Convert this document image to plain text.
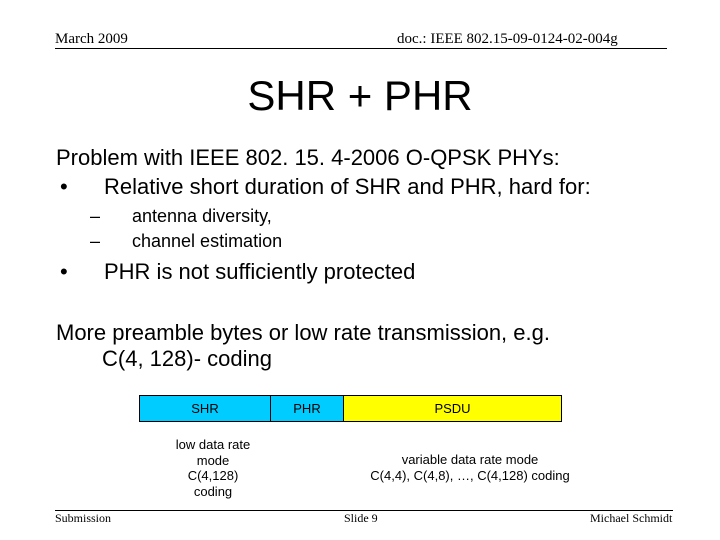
March 2009	doc.: IEEE 802.15-09-0124-02-004g
SHR + PHR
Problem with IEEE 802. 15. 4-2006 O-QPSK PHYs:
• Relative short duration of SHR and PHR, hard for:
– antenna diversity,
– channel estimation
• PHR is not sufficiently protected
More preamble bytes or low rate transmission, e.g.
C(4, 128)- coding
SHR	PHR	PSDU
low data rate
mode
C(4,128)
coding
variable data rate mode
C(4,4), C(4,8), …, C(4,128) coding
Submission	Slide 9	Michael Schmidt
